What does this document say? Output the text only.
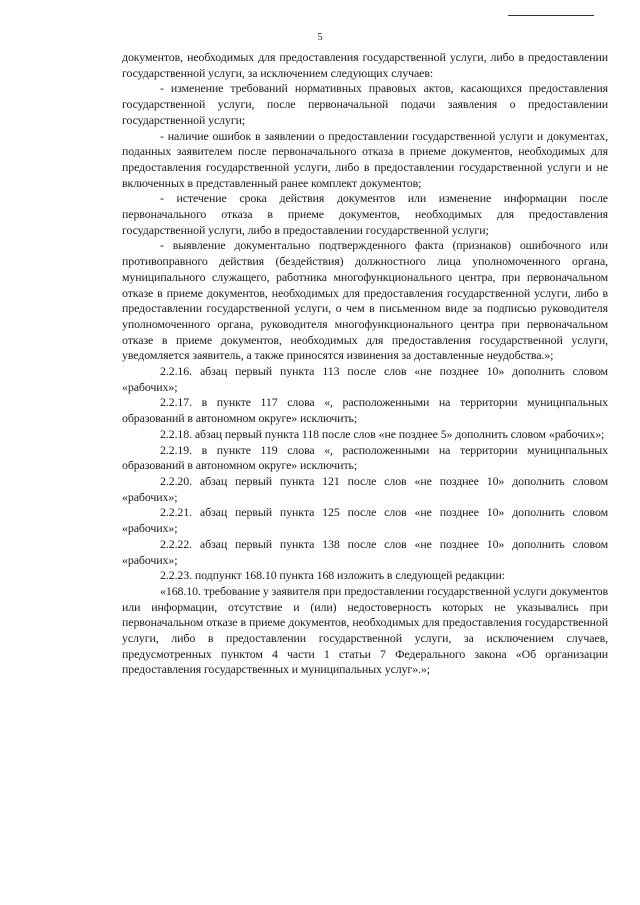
5

документов, необходимых для предоставления государственной услуги, либо в предоставлении государственной услуги, за исключением следующих случаев:

- изменение требований нормативных правовых актов, касающихся предоставления государственной услуги, после первоначальной подачи заявления о предоставлении государственной услуги;

- наличие ошибок в заявлении о предоставлении государственной услуги и документах, поданных заявителем после первоначального отказа в приеме документов, необходимых для предоставления государственной услуги, либо в предоставлении государственной услуги и не включенных в представленный ранее комплект документов;

- истечение срока действия документов или изменение информации после первоначального отказа в приеме документов, необходимых для предоставления государственной услуги, либо в предоставлении государственной услуги;

- выявление документально подтвержденного факта (признаков) ошибочного или противоправного действия (бездействия) должностного лица уполномоченного органа, муниципального служащего, работника многофункционального центра, при первоначальном отказе в приеме документов, необходимых для предоставления государственной услуги, либо в предоставлении государственной услуги, о чем в письменном виде за подписью руководителя уполномоченного органа, руководителя многофункционального центра при первоначальном отказе в приеме документов, необходимых для предоставления государственной услуги, уведомляется заявитель, а также приносятся извинения за доставленные неудобства.»;

2.2.16. абзац первый пункта 113 после слов «не позднее 10» дополнить словом «рабочих»;

2.2.17. в пункте 117 слова «, расположенными на территории муниципальных образований в автономном округе» исключить;

2.2.18. абзац первый пункта 118 после слов «не позднее 5» дополнить словом «рабочих»;

2.2.19. в пункте 119 слова «, расположенными на территории муниципальных образований в автономном округе» исключить;

2.2.20. абзац первый пункта 121 после слов «не позднее 10» дополнить словом «рабочих»;

2.2.21. абзац первый пункта 125 после слов «не позднее 10» дополнить словом «рабочих»;

2.2.22. абзац первый пункта 138 после слов «не позднее 10» дополнить словом «рабочих»;

2.2.23. подпункт 168.10 пункта 168 изложить в следующей редакции:

«168.10. требование у заявителя при предоставлении государственной услуги документов или информации, отсутствие и (или) недостоверность которых не указывались при первоначальном отказе в приеме документов, необходимых для предоставления государственной услуги, либо в предоставлении государственной услуги, за исключением случаев, предусмотренных пунктом 4 части 1 статьи 7 Федерального закона «Об организации предоставления государственных и муниципальных услуг».»;
